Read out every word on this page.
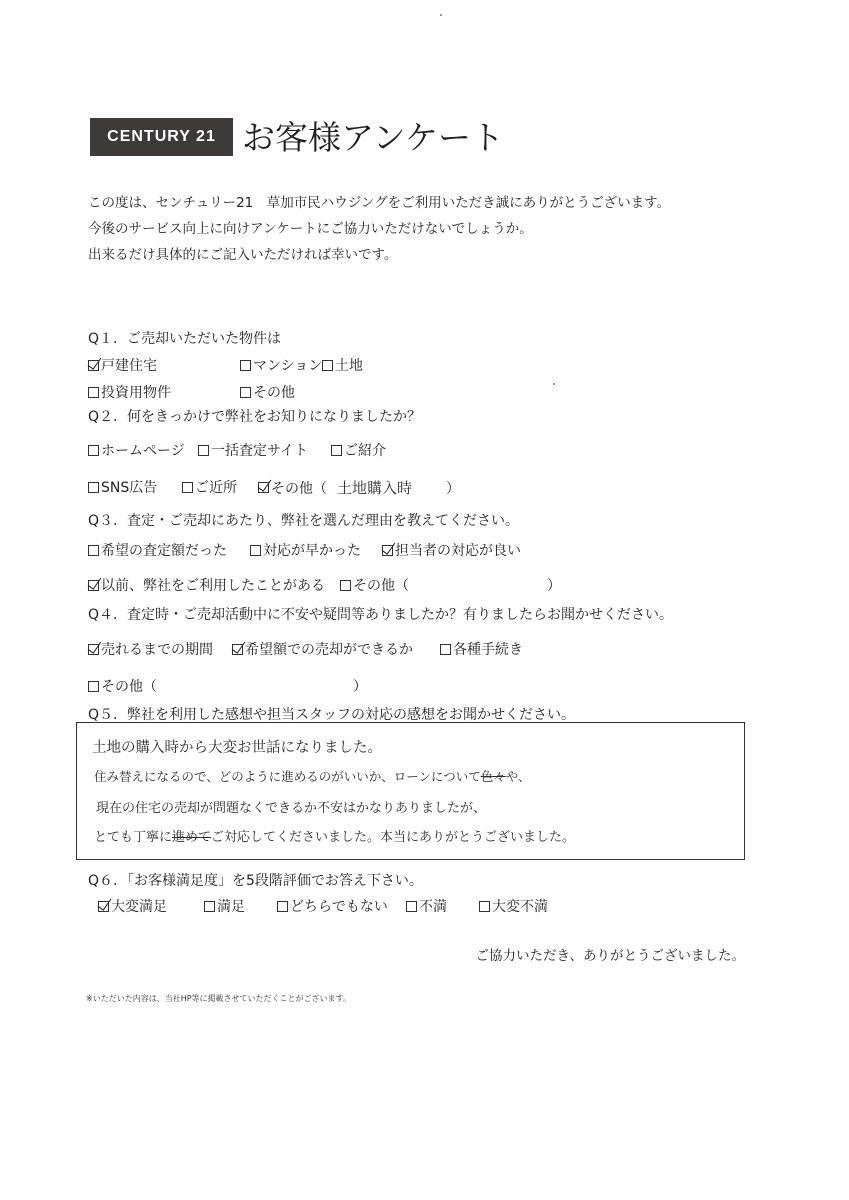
CENTURY 21 お客様アンケート
この度は、センチュリー21　草加市民ハウジングをご利用いただき誠にありがとうございます。
今後のサービス向上に向けアンケートにご協力いただけないでしょうか。
出来るだけ具体的にご記入いただければ幸いです。
Q１．ご売却いただいた物件は
戸建住宅	マンション 土地
投資用物件	その他
Q２．何をきっかけで弊社をお知りになりましたか？
ホームページ 一括査定サイト	ご紹介
SNS広告	ご近所 その他（ 土地購入時 ）
Q３．査定・ご売却にあたり、弊社を選んだ理由を教えてください。
希望の査定額だった	対応が早かった 担当者の対応が良い
以前、弊社をご利用したことがある その他（	）
Q４．査定時・ご売却活動中に不安や疑問等ありましたか？有りましたらお聞かせください。
売れるまでの期間 希望額での売却ができるか	各種手続き
その他（	）
Q５．弊社を利用した感想や担当スタッフの対応の感想をお聞かせください。
土地の購入時から大変お世話になりました。
住み替えになるので、どのように進めるのがいいか、ローンについて色々や、
現在の住宅の売却が問題なくできるか不安はかなりありましたが、
とても丁寧に進めてご対応してくださいました。本当にありがとうございました。
Q６．「お客様満足度」を5段階評価でお答え下さい。
大変満足	満足	どちらでもない 不満	大変不満
ご協力いただき、ありがとうございました。
※いただいた内容は、当社HP等に掲載させていただくことがございます。
